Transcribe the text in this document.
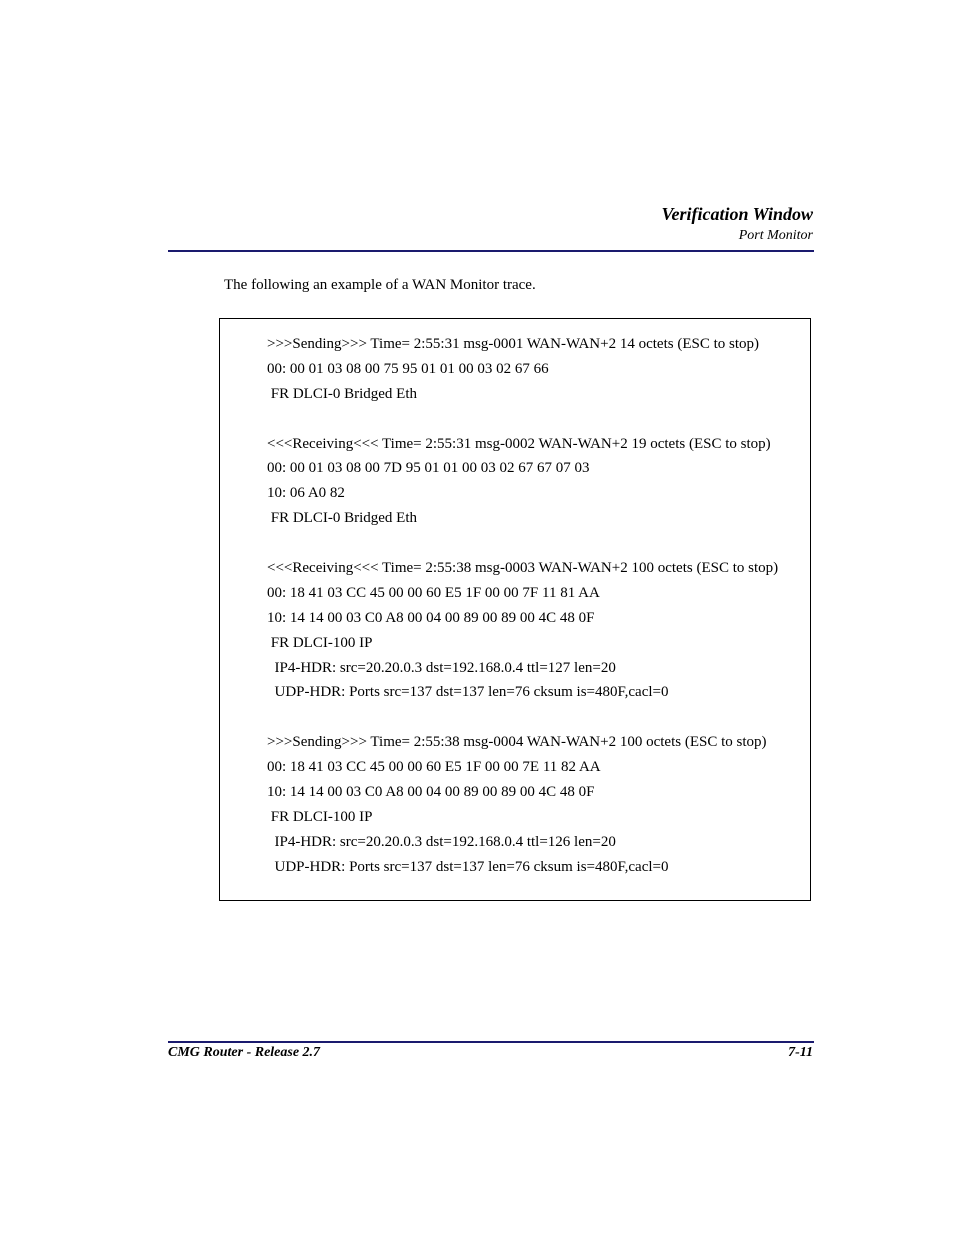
Verification Window
Port Monitor
The following an example of a WAN Monitor trace.
>>>Sending>>> Time= 2:55:31 msg-0001 WAN-WAN+2 14 octets (ESC to stop)
00: 00 01 03 08 00 75 95 01 01 00 03 02 67 66
FR DLCI-0 Bridged Eth
<<<Receiving<<< Time= 2:55:31 msg-0002 WAN-WAN+2 19 octets (ESC to stop)
00: 00 01 03 08 00 7D 95 01 01 00 03 02 67 67 07 03
10: 06 A0 82
FR DLCI-0 Bridged Eth
<<<Receiving<<< Time= 2:55:38 msg-0003 WAN-WAN+2 100 octets (ESC to stop)
00: 18 41 03 CC 45 00 00 60 E5 1F 00 00 7F 11 81 AA
10: 14 14 00 03 C0 A8 00 04 00 89 00 89 00 4C 48 0F
FR DLCI-100 IP
IP4-HDR: src=20.20.0.3 dst=192.168.0.4 ttl=127 len=20
UDP-HDR: Ports src=137 dst=137 len=76 cksum is=480F,cacl=0
>>>Sending>>> Time= 2:55:38 msg-0004 WAN-WAN+2 100 octets (ESC to stop)
00: 18 41 03 CC 45 00 00 60 E5 1F 00 00 7E 11 82 AA
10: 14 14 00 03 C0 A8 00 04 00 89 00 89 00 4C 48 0F
FR DLCI-100 IP
IP4-HDR: src=20.20.0.3 dst=192.168.0.4 ttl=126 len=20
UDP-HDR: Ports src=137 dst=137 len=76 cksum is=480F,cacl=0
CMG Router - Release 2.7	7-11
